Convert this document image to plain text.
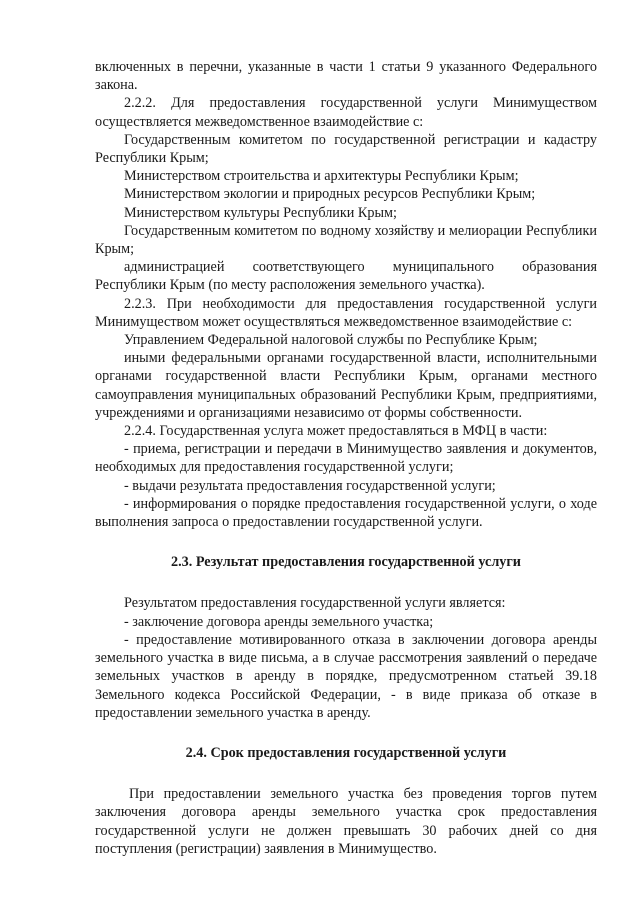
включенных в перечни, указанные в части 1 статьи 9 указанного Федерального закона.

2.2.2. Для предоставления государственной услуги Минимуществом осуществляется межведомственное взаимодействие с:

Государственным комитетом по государственной регистрации и кадастру Республики Крым;

Министерством строительства и архитектуры Республики Крым;

Министерством экологии и природных ресурсов Республики Крым;

Министерством культуры Республики Крым;

Государственным комитетом по водному хозяйству и мелиорации Республики Крым;

администрацией соответствующего муниципального образования Республики Крым (по месту расположения земельного участка).

2.2.3. При необходимости для предоставления государственной услуги Минимуществом может осуществляться межведомственное взаимодействие с:

Управлением Федеральной налоговой службы по Республике Крым;

иными федеральными органами государственной власти, исполнительными органами государственной власти Республики Крым, органами местного самоуправления муниципальных образований Республики Крым, предприятиями, учреждениями и организациями независимо от формы собственности.

2.2.4. Государственная услуга может предоставляться в МФЦ в части:

- приема, регистрации и передачи в Минимущество заявления и документов, необходимых для предоставления государственной услуги;

- выдачи результата предоставления государственной услуги;

- информирования о порядке предоставления государственной услуги, о ходе выполнения запроса о предоставлении государственной услуги.

2.3. Результат предоставления государственной услуги

Результатом предоставления государственной услуги является:

- заключение договора аренды земельного участка;

- предоставление мотивированного отказа в заключении договора аренды земельного участка в виде письма, а в случае рассмотрения заявлений о передаче земельных участков в аренду в порядке, предусмотренном статьей 39.18 Земельного кодекса Российской Федерации, - в виде приказа об отказе в предоставлении земельного участка в аренду.

2.4. Срок предоставления государственной услуги

При предоставлении земельного участка без проведения торгов путем заключения договора аренды земельного участка срок предоставления государственной услуги не должен превышать 30 рабочих дней со дня поступления (регистрации) заявления в Минимущество.
